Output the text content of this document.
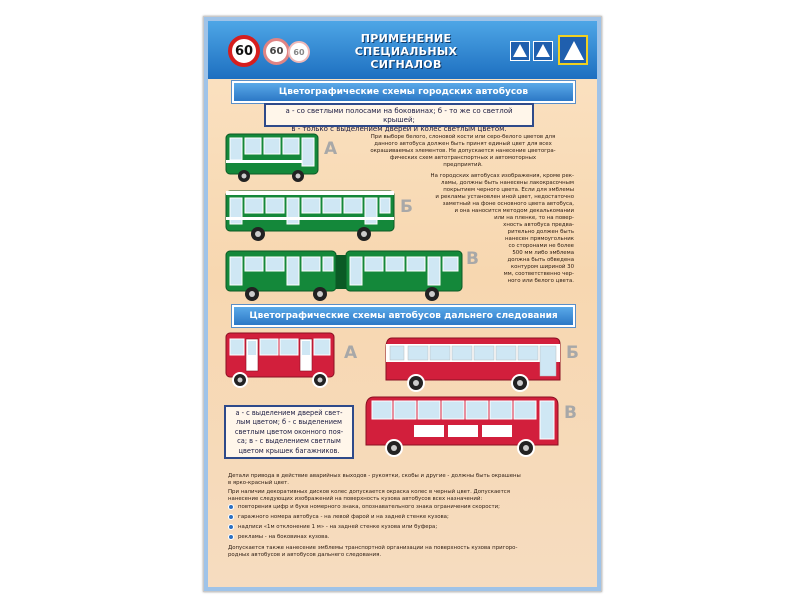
60	60	60
ПРИМЕНЕНИЕ СПЕЦИАЛЬНЫХ
СИГНАЛОВ
Цветографические схемы городских автобусов
а - со светлыми полосами на боковинах; б - то же со светлой крышей;
в - только с выделением дверей и колес светлым цветом.
А
Б
В
При выборе белого, слоновой кости или серо-белого цветов для
данного автобуса должен быть принят единый цвет для всех
окрашиваемых элементов. Не допускается нанесение цветогра-
фических схем автотранспортных и автомоторных
предприятий.
На городских автобусах изображения, кроме рек-
ламы, должны быть нанесены лакокрасочным
покрытием черного цвета. Если для эмблемы
и рекламы установлен иной цвет, недостаточно
заметный на фоне основного цвета автобуса,
и она наносится методом декалькомании
или на пленке, то на повер-
хность автобуса предва-
рительно должен быть
нанесен прямоугольник
со сторонами не более
500 мм либо эмблема
должна быть обведена
контуром шириной 30
мм, соответственно чер-
ного или белого цвета.
Цветографические схемы автобусов дальнего следования
А	Б
В
а - с выделением дверей свет-
лым цветом; б - с выделением
светлым цветом оконного поя-
са; в - с выделением светлым
цветом крышек багажников.
Детали привода в действие аварийных выходов - рукоятки, скобы и другие - должны быть окрашены
в ярко-красный цвет.
При наличии декоративных дисков колес допускается окраска колес в черный цвет. Допускается
нанесение следующих изображений на поверхность кузова автобусов всех назначений:
повторения цифр и букв номерного знака, опознавательного знака ограничения скорости;
гаражного номера автобуса - на левой фарой и на задней стенке кузова;
надписи «1м отклонение 1 м» - на задней стенке кузова или буфера;
рекламы - на боковинах кузова.
Допускается также нанесение эмблемы транспортной организации на поверхность кузова пригоро-
родных автобусов и автобусов дальнего следования.
